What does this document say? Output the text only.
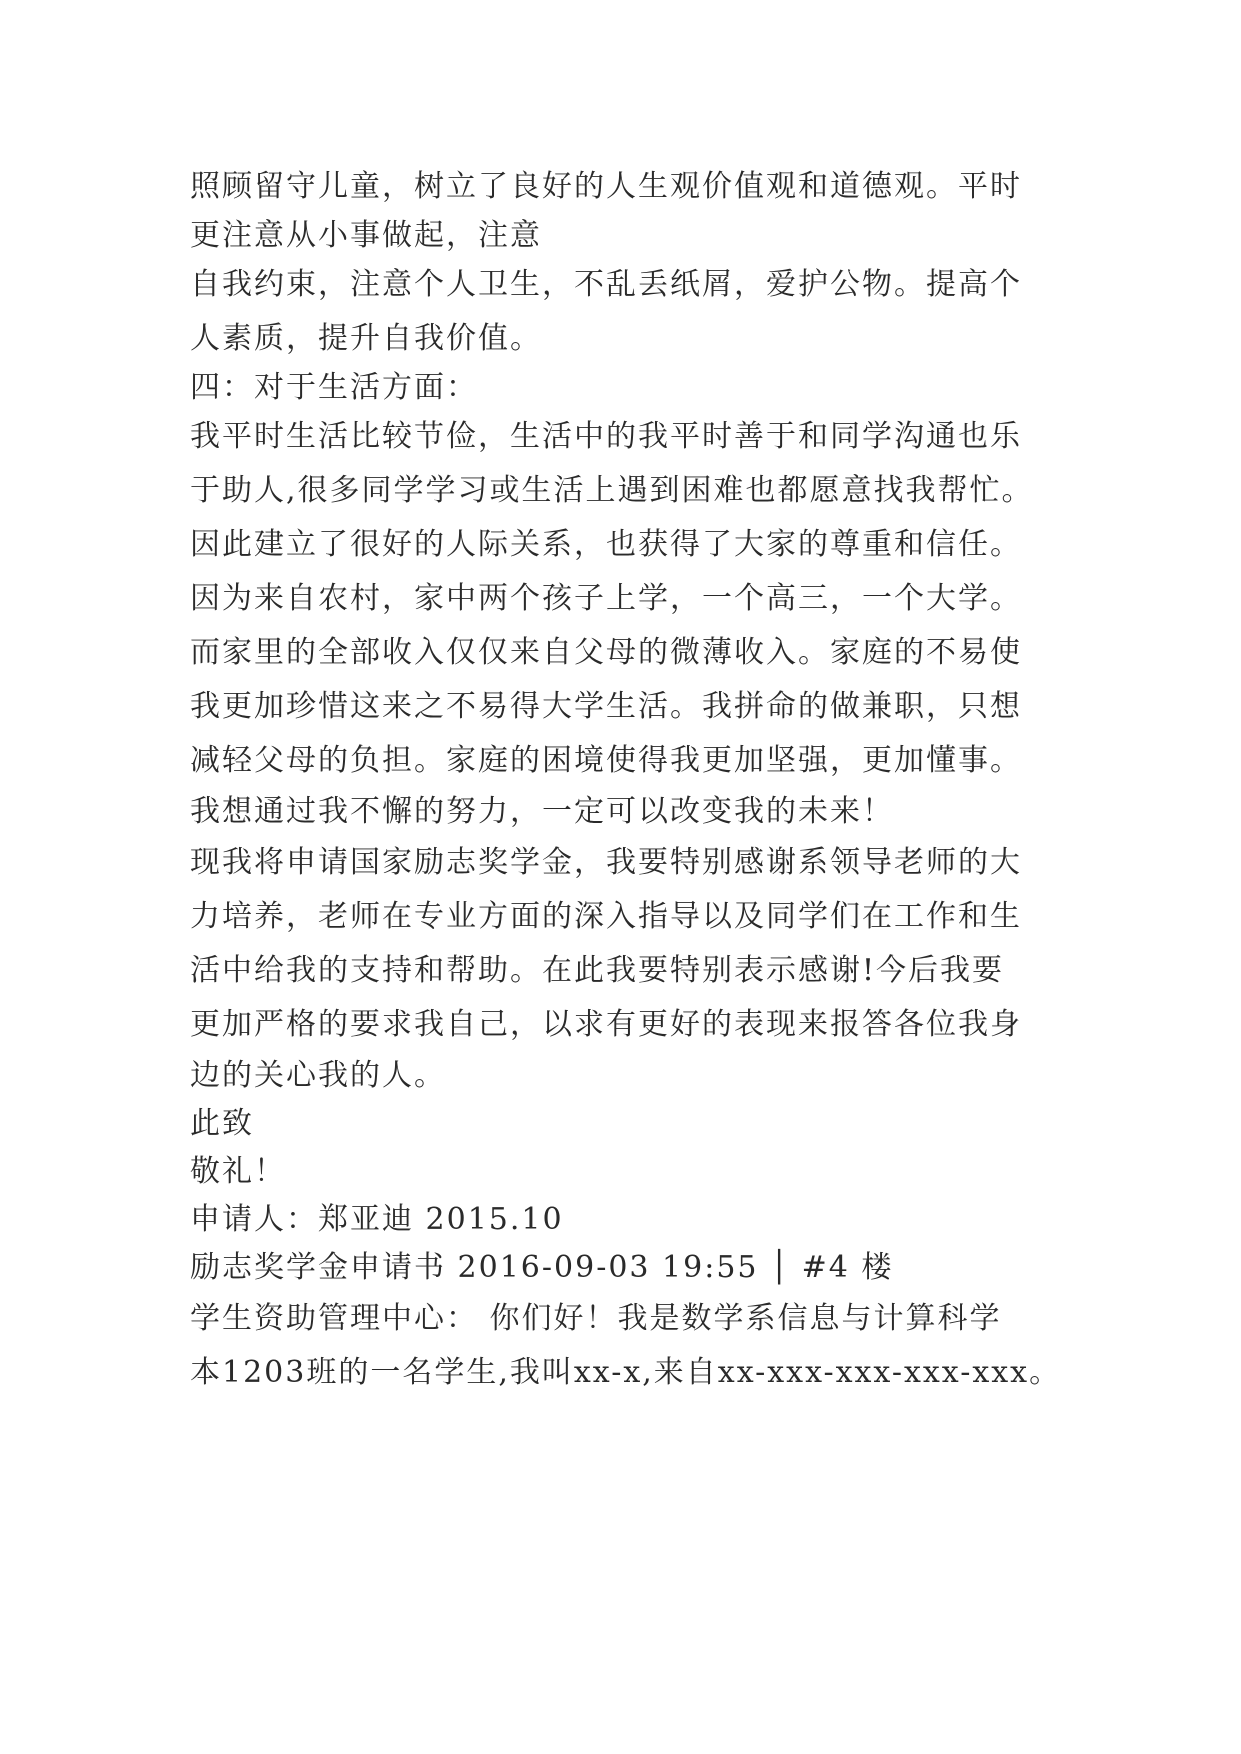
照顾留守儿童，树立了良好的人生观价值观和道德观。平时
更注意从小事做起，注意
自我约束，注意个人卫生，不乱丢纸屑，爱护公物。提高个
人素质，提升自我价值。
四：对于生活方面：
我平时生活比较节俭，生活中的我平时善于和同学沟通也乐
于助人,很多同学学习或生活上遇到困难也都愿意找我帮忙。
因此建立了很好的人际关系，也获得了大家的尊重和信任。
因为来自农村，家中两个孩子上学，一个高三，一个大学。
而家里的全部收入仅仅来自父母的微薄收入。家庭的不易使
我更加珍惜这来之不易得大学生活。我拼命的做兼职，只想
减轻父母的负担。家庭的困境使得我更加坚强，更加懂事。
我想通过我不懈的努力，一定可以改变我的未来！
现我将申请国家励志奖学金，我要特别感谢系领导老师的大
力培养，老师在专业方面的深入指导以及同学们在工作和生
活中给我的支持和帮助。在此我要特别表示感谢!今后我要
更加严格的要求我自己，以求有更好的表现来报答各位我身
边的关心我的人。
此致
敬礼！
申请人：郑亚迪 2015.10
励志奖学金申请书 2016-09-03 19:55 │ #4 楼
学生资助管理中心： 你们好！我是数学系信息与计算科学
本1203班的一名学生,我叫xx-x,来自xx-xxx-xxx-xxx-xxx。
